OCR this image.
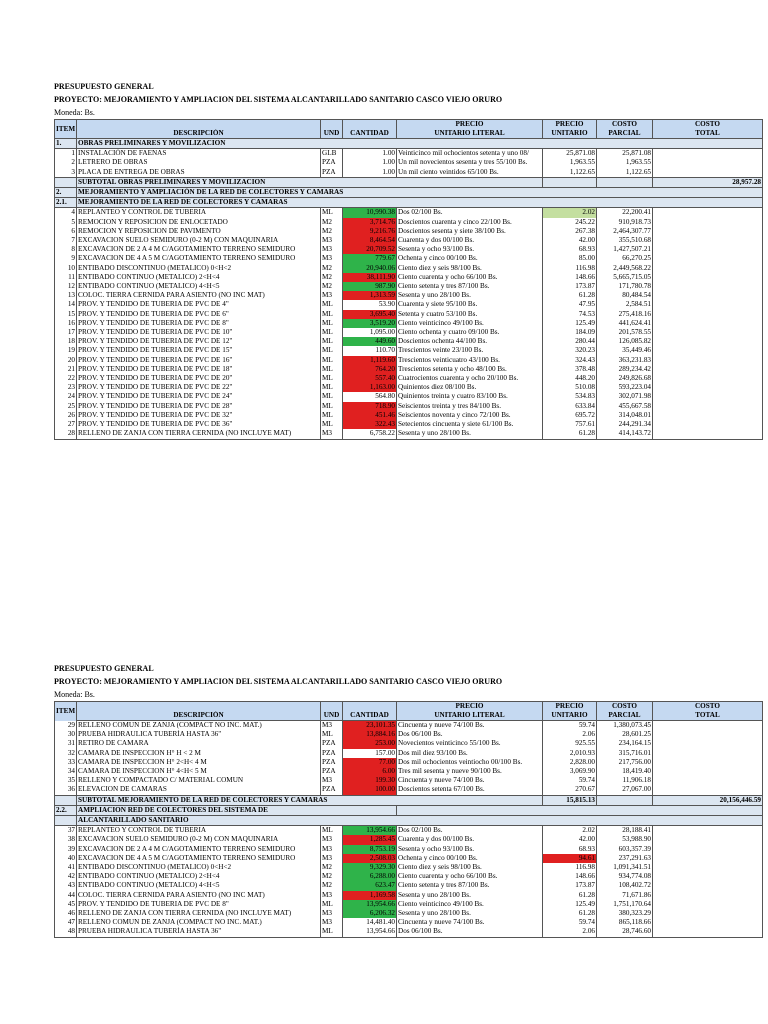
PRESUPUESTO GENERAL
PROYECTO: MEJORAMIENTO Y AMPLIACION DEL SISTEMA ALCANTARILLADO SANITARIO CASCO VIEJO ORURO
Moneda: Bs.
ITEM				PRECIO	PRECIO	COSTO	COSTO
	DESCRIPCIÓN	UND	CANTIDAD	UNITARIO LITERAL	UNITARIO	PARCIAL	TOTAL
1.	OBRAS PRELIMINARES Y MOVILIZACION						
1	INSTALACIÓN DE FAENAS	GLB	1.00	Veinticinco mil ochocientos setenta y uno 08/	25,871.08	25,871.08	
2	LETRERO DE OBRAS	PZA	1.00	Un mil novecientos sesenta y tres 55/100 Bs.	1,963.55	1,963.55	
3	PLACA DE ENTREGA DE OBRAS	PZA	1.00	Un mil ciento veintidos 65/100 Bs.	1,122.65	1,122.65	
	SUBTOTAL OBRAS PRELIMINARES Y MOVILIZACION						28,957.28
2.	MEJORAMIENTO Y AMPLIACIÓN DE LA RED DE COLECTORES Y CAMARAS						
2.1.	MEJORAMIENTO DE LA RED DE COLECTORES Y CAMARAS						
4	REPLANTEO Y CONTROL DE TUBERIA	ML	10,990.38	Dos 02/100 Bs.	2.02	22,200.41	
5	REMOCION Y REPOSICION DE ENLOCETADO	M2	3,714.76	Doscientos cuarenta y cinco 22/100 Bs.	245.22	910,918.73	
6	REMOCION Y REPOSICION DE PAVIMENTO	M2	9,216.76	Doscientos sesenta y siete 38/100 Bs.	267.38	2,464,307.77	
7	EXCAVACION SUELO SEMIDURO (0-2 M) CON MAQUINARIA	M3	8,464.54	Cuarenta y dos 00/100 Bs.	42.00	355,510.68	
8	EXCAVACION DE 2 A 4 M C/AGOTAMIENTO TERRENO SEMIDURO	M3	20,709.52	Sesenta y ocho 93/100 Bs.	68.93	1,427,507.21	
9	EXCAVACION DE 4 A 5 M C/AGOTAMIENTO TERRENO SEMIDURO	M3	779.67	Ochenta y cinco 00/100 Bs.	85.00	66,270.25	
10	ENTIBADO DISCONTINUO (METALICO) 0<H<2	M2	20,940.06	Ciento diez y seis 98/100 Bs.	116.98	2,449,568.22	
11	ENTIBADO CONTINUO (METALICO) 2<H<4	M2	38,111.90	Ciento cuarenta y ocho 66/100 Bs.	148.66	5,665,715.05	
12	ENTIBADO CONTINUO (METALICO) 4<H<5	M2	987.90	Ciento setenta y tres 87/100 Bs.	173.87	171,780.78	
13	COLOC. TIERRA CERNIDA PARA ASIENTO (NO INC MAT)	M3	1,313.59	Sesenta y uno 28/100 Bs.	61.28	80,484.54	
14	PROV. Y TENDIDO DE TUBERIA DE PVC DE 4"	ML	53.90	Cuarenta y siete 95/100 Bs.	47.95	2,584.51	
15	PROV. Y TENDIDO DE TUBERIA DE PVC DE 6"	ML	3,695.40	Setenta y cuatro 53/100 Bs.	74.53	275,418.16	
16	PROV. Y TENDIDO DE TUBERIA DE PVC DE 8"	ML	3,519.20	Ciento veinticinco 49/100 Bs.	125.49	441,624.41	
17	PROV. Y TENDIDO DE TUBERIA DE PVC DE 10"	ML	1,095.00	Ciento ochenta y cuatro 09/100 Bs.	184.09	201,578.55	
18	PROV. Y TENDIDO DE TUBERIA DE PVC DE 12"	ML	449.60	Doscientos ochenta 44/100 Bs.	280.44	126,085.82	
19	PROV. Y TENDIDO DE TUBERIA DE PVC DE 15"	ML	110.70	Trescientos veinte 23/100 Bs.	320.23	35,449.46	
20	PROV. Y TENDIDO DE TUBERIA DE PVC DE 16"	ML	1,119.60	Trescientos veinticuatro 43/100 Bs.	324.43	363,231.83	
21	PROV. Y TENDIDO DE TUBERIA DE PVC DE 18"	ML	764.20	Trescientos setenta y ocho 48/100 Bs.	378.48	289,234.42	
22	PROV. Y TENDIDO DE TUBERIA DE PVC DE 20"	ML	557.40	Cuatrocientos cuarenta y ocho 20/100 Bs.	448.20	249,826.68	
23	PROV. Y TENDIDO DE TUBERIA DE PVC DE 22"	ML	1,163.00	Quinientos diez 08/100 Bs.	510.08	593,223.04	
24	PROV. Y TENDIDO DE TUBERIA DE PVC DE 24"	ML	564.80	Quinientos treinta y cuatro 83/100 Bs.	534.83	302,071.98	
25	PROV. Y TENDIDO DE TUBERIA DE PVC DE 28"	ML	718.90	Seiscientos treinta y tres 84/100 Bs.	633.84	455,667.58	
26	PROV. Y TENDIDO DE TUBERIA DE PVC DE 32"	ML	451.46	Seiscientos noventa y cinco 72/100 Bs.	695.72	314,048.01	
27	PROV. Y TENDIDO DE TUBERIA DE PVC DE 36"	ML	322.43	Setecientos cincuenta y siete 61/100 Bs.	757.61	244,291.34	
28	RELLENO DE ZANJA CON TIERRA CERNIDA (NO INCLUYE MAT)	M3	6,758.22	Sesenta y uno 28/100 Bs.	61.28	414,143.72	
PRESUPUESTO GENERAL
PROYECTO: MEJORAMIENTO Y AMPLIACION DEL SISTEMA ALCANTARILLADO SANITARIO CASCO VIEJO ORURO
Moneda: Bs.
ITEM				PRECIO	PRECIO	COSTO	COSTO
	DESCRIPCIÓN	UND	CANTIDAD	UNITARIO LITERAL	UNITARIO	PARCIAL	TOTAL
29	RELLENO COMUN DE ZANJA (COMPACT NO INC. MAT.)	M3	23,101.35	Cincuenta y nueve 74/100 Bs.	59.74	1,380,073.45	
30	PRUEBA HIDRAULICA TUBERÍA HASTA 36"	ML	13,884.16	Dos 06/100 Bs.	2.06	28,601.25	
31	RETIRO DE CAMARA	PZA	253.00	Novecientos veinticinco 55/100 Bs.	925.55	234,164.15	
32	CAMARA DE INSPECCION H° H < 2 M	PZA	157.00	Dos mil diez 93/100 Bs.	2,010.93	315,716.01	
33	CAMARA DE INSPECCION H° 2<H< 4 M	PZA	77.00	Dos mil ochocientos veintiocho 00/100 Bs.	2,828.00	217,756.00	
34	CAMARA DE INSPECCION H° 4<H< 5 M	PZA	6.00	Tres mil sesenta y nueve 90/100 Bs.	3,069.90	18,419.40	
35	RELLENO Y COMPACTADO C/ MATERIAL COMUN	M3	199.30	Cincuenta y nueve 74/100 Bs.	59.74	11,906.18	
36	ELEVACION DE CAMARAS	PZA	100.00	Doscientos setenta 67/100 Bs.	270.67	27,067.00	
	SUBTOTAL MEJORAMIENTO DE LA RED DE COLECTORES Y CAMARAS				15,815.13		20,156,446.59
2.2.	AMPLIACION RED DE COLECTORES DEL SISTEMA DE						
	ALCANTARILLADO SANITARIO						
37	REPLANTEO Y CONTROL DE TUBERIA	ML	13,954.66	Dos 02/100 Bs.	2.02	28,188.41	
38	EXCAVACION SUELO SEMIDURO (0-2 M) CON MAQUINARIA	M3	1,285.45	Cuarenta y dos 00/100 Bs.	42.00	53,988.90	
39	EXCAVACION DE 2 A 4 M C/AGOTAMIENTO TERRENO SEMIDURO	M3	8,753.19	Sesenta y ocho 93/100 Bs.	68.93	603,357.39	
40	EXCAVACION DE 4 A 5 M C/AGOTAMIENTO TERRENO SEMIDURO	M3	2,508.03	Ochenta y cinco 00/100 Bs.	94.61	237,291.63	
41	ENTIBADO DISCONTINUO (METALICO) 0<H<2	M2	9,329.30	Ciento diez y seis 98/100 Bs.	116.98	1,091,341.51	
42	ENTIBADO CONTINUO (METALICO) 2<H<4	M2	6,288.00	Ciento cuarenta y ocho 66/100 Bs.	148.66	934,774.08	
43	ENTIBADO CONTINUO (METALICO) 4<H<5	M2	623.47	Ciento setenta y tres 87/100 Bs.	173.87	108,402.72	
44	COLOC. TIERRA CERNIDA PARA ASIENTO (NO INC MAT)	M3	1,169.58	Sesenta y uno 28/100 Bs.	61.28	71,671.86	
45	PROV. Y TENDIDO DE TUBERIA DE PVC DE 8"	ML	13,954.66	Ciento veinticinco 49/100 Bs.	125.49	1,751,170.64	
46	RELLENO DE ZANJA CON TIERRA CERNIDA (NO INCLUYE MAT)	M3	6,206.32	Sesenta y uno 28/100 Bs.	61.28	380,323.29	
47	RELLENO COMUN DE ZANJA (COMPACT NO INC. MAT.)	M3	14,481.40	Cincuenta y nueve 74/100 Bs.	59.74	865,118.66	
48	PRUEBA HIDRAULICA TUBERÍA HASTA 36"	ML	13,954.66	Dos 06/100 Bs.	2.06	28,746.60	
